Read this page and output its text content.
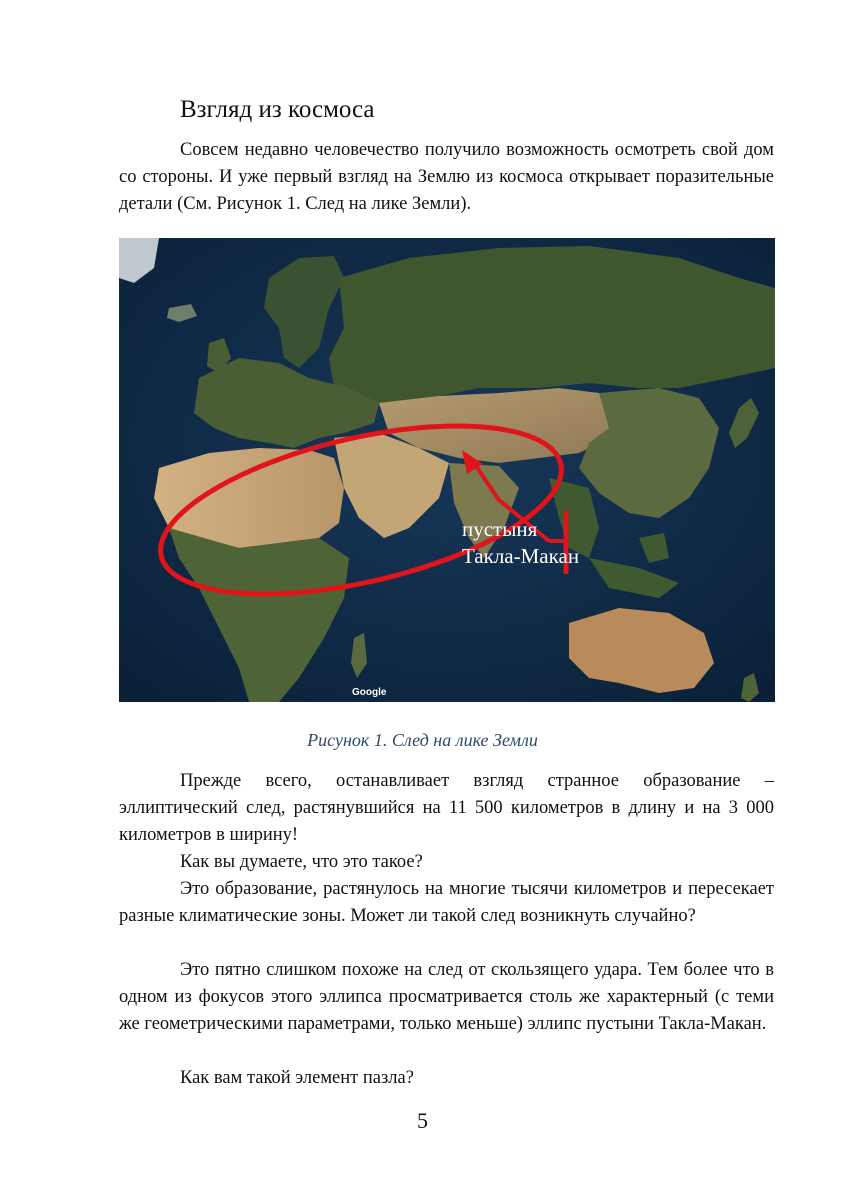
Взгляд из космоса

Совсем недавно человечество получило возможность осмотреть свой дом со стороны. И уже первый взгляд на Землю из космоса открывает поразительные детали (См. Рисунок 1. След на лике Земли).

пустыня
Такла-Макан
Google
Рисунок 1. След на лике Земли

Прежде всего, останавливает взгляд странное образование – эллиптический след, растянувшийся на 11 500 километров в длину и на 3 000 километров в ширину!

Как вы думаете, что это такое?

Это образование, растянулось на многие тысячи километров и пересекает разные климатические зоны. Может ли такой след возникнуть случайно?

Это пятно слишком похоже на след от скользящего удара. Тем более что в одном из фокусов этого эллипса просматривается столь же характерный (с теми же геометрическими параметрами, только меньше) эллипс пустыни Такла-Макан.

Как вам такой элемент пазла?

5
